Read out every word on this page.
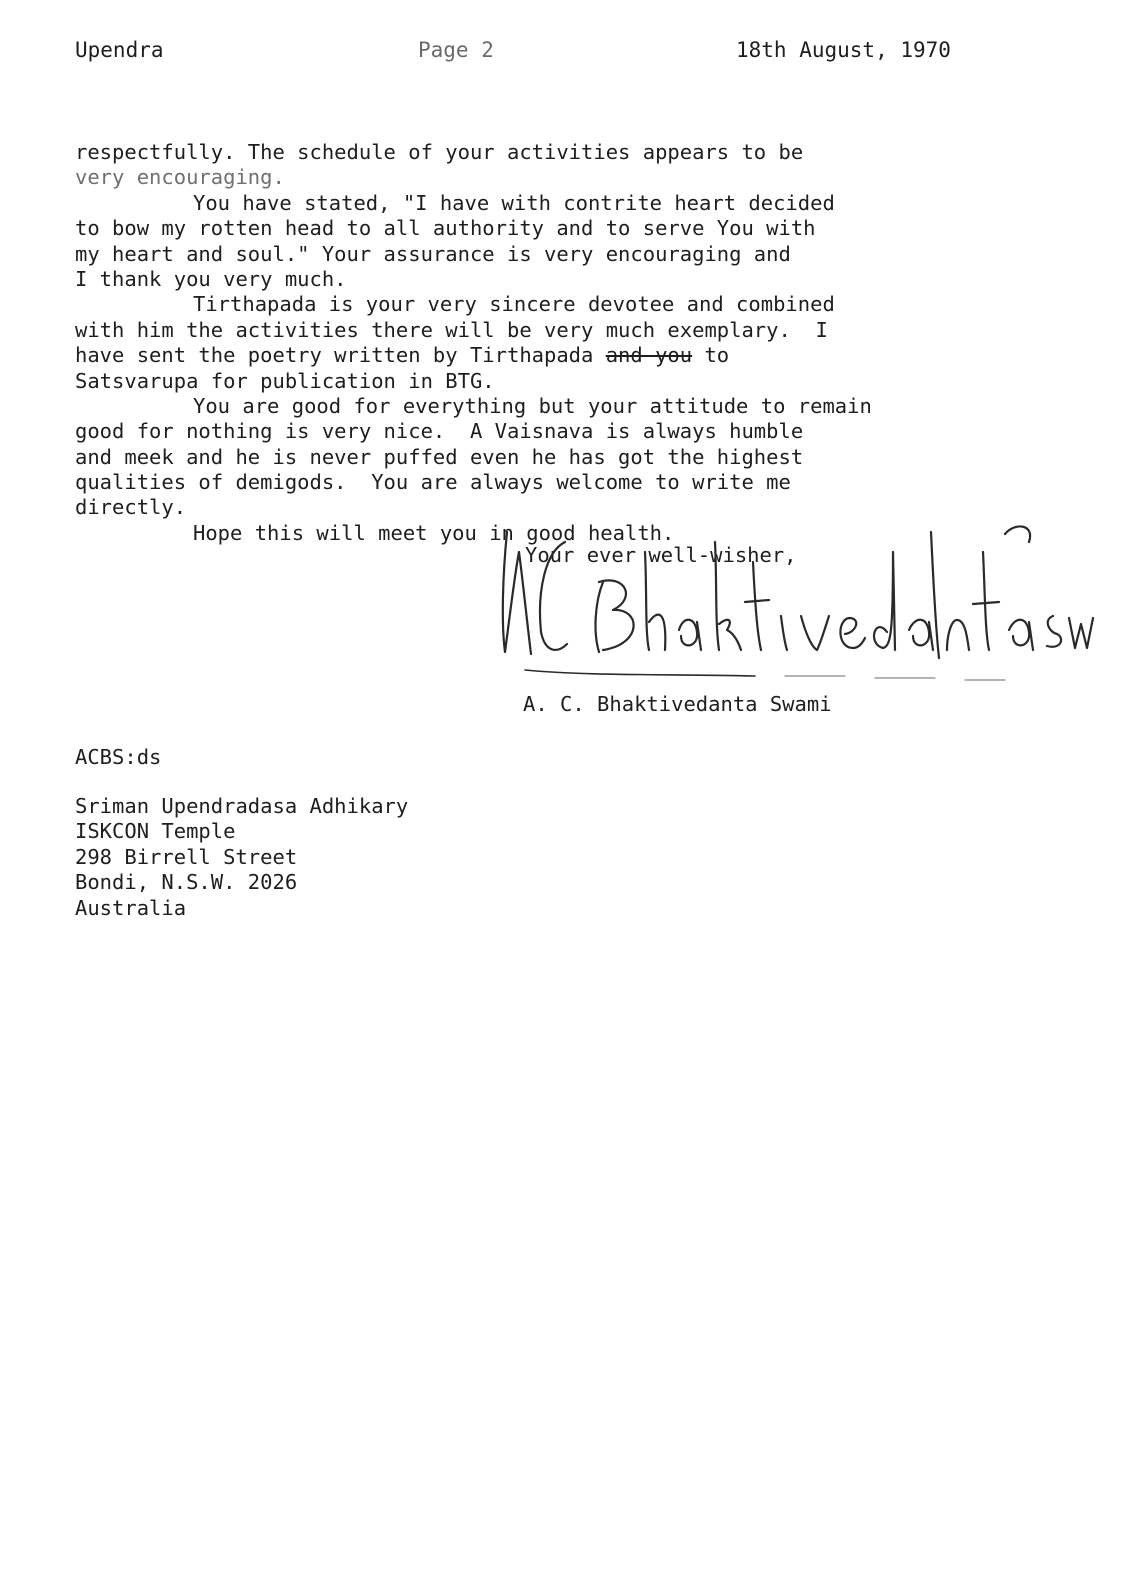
Upendra	Page 2	18th August, 1970
respectfully. The schedule of your activities appears to be
very encouraging.
You have stated, "I have with contrite heart decided
to bow my rotten head to all authority and to serve You with
my heart and soul." Your assurance is very encouraging and
I thank you very much.
Tirthapada is your very sincere devotee and combined
with him the activities there will be very much exemplary.  I
have sent the poetry written by Tirthapada and you to
Satsvarupa for publication in BTG.
You are good for everything but your attitude to remain
good for nothing is very nice.  A Vaisnava is always humble
and meek and he is never puffed even he has got the highest
qualities of demigods.  You are always welcome to write me
directly.
Hope this will meet you in good health.
Your ever well-wisher,
A. C. Bhaktivedanta Swami
ACBS:ds
Sriman Upendradasa Adhikary
ISKCON Temple
298 Birrell Street
Bondi, N.S.W. 2026
Australia
